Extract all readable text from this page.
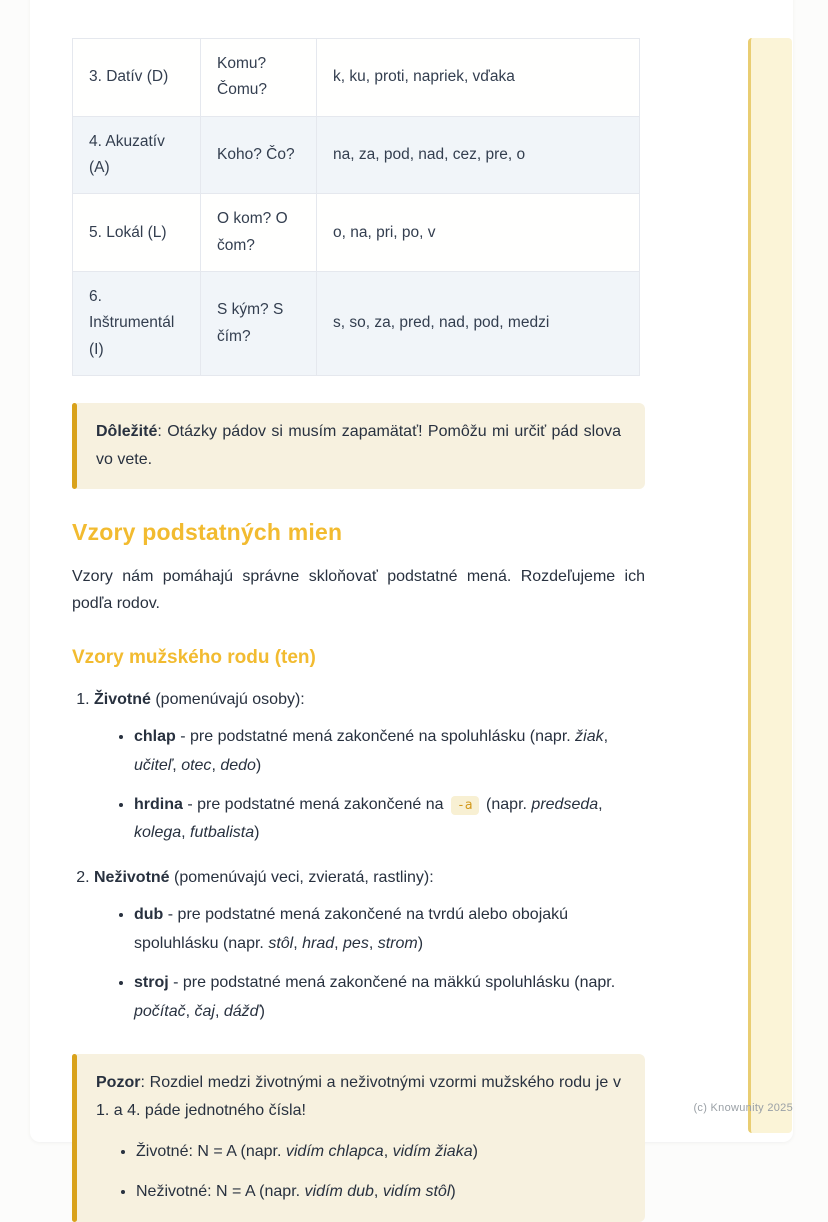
3. Datív (D)	Komu? Čomu?	k, ku, proti, napriek, vďaka
4. Akuzatív (A)	Koho? Čo?	na, za, pod, nad, cez, pre, o
5. Lokál (L)	O kom? O čom?	o, na, pri, po, v
6. Inštrumentál (I)	S kým? S čím?	s, so, za, pred, nad, pod, medzi

Dôležité: Otázky pádov si musím zapamätať! Pomôžu mi určiť pád slova vo vete.

Vzory podstatných mien

Vzory nám pomáhajú správne skloňovať podstatné mená. Rozdeľujeme ich podľa rodov.

Vzory mužského rodu (ten)
1. Životné (pomenúvajú osoby):
• chlap - pre podstatné mená zakončené na spoluhlásku (napr. žiak, učiteľ, otec, dedo)
• hrdina - pre podstatné mená zakončené na -a (napr. predseda, kolega, futbalista)
2. Neživotné (pomenúvajú veci, zvieratá, rastliny):
• dub - pre podstatné mená zakončené na tvrdú alebo obojakú spoluhlásku (napr. stôl, hrad, pes, strom)
• stroj - pre podstatné mená zakončené na mäkkú spoluhlásku (napr. počítač, čaj, dážď)

Pozor: Rozdiel medzi životnými a neživotnými vzormi mužského rodu je v 1. a 4. páde jednotného čísla!

• Životné: N = A (napr. vidím chlapca, vidím žiaka)
• Neživotné: N = A (napr. vidím dub, vidím stôl)
(c) Knowunity 2025
